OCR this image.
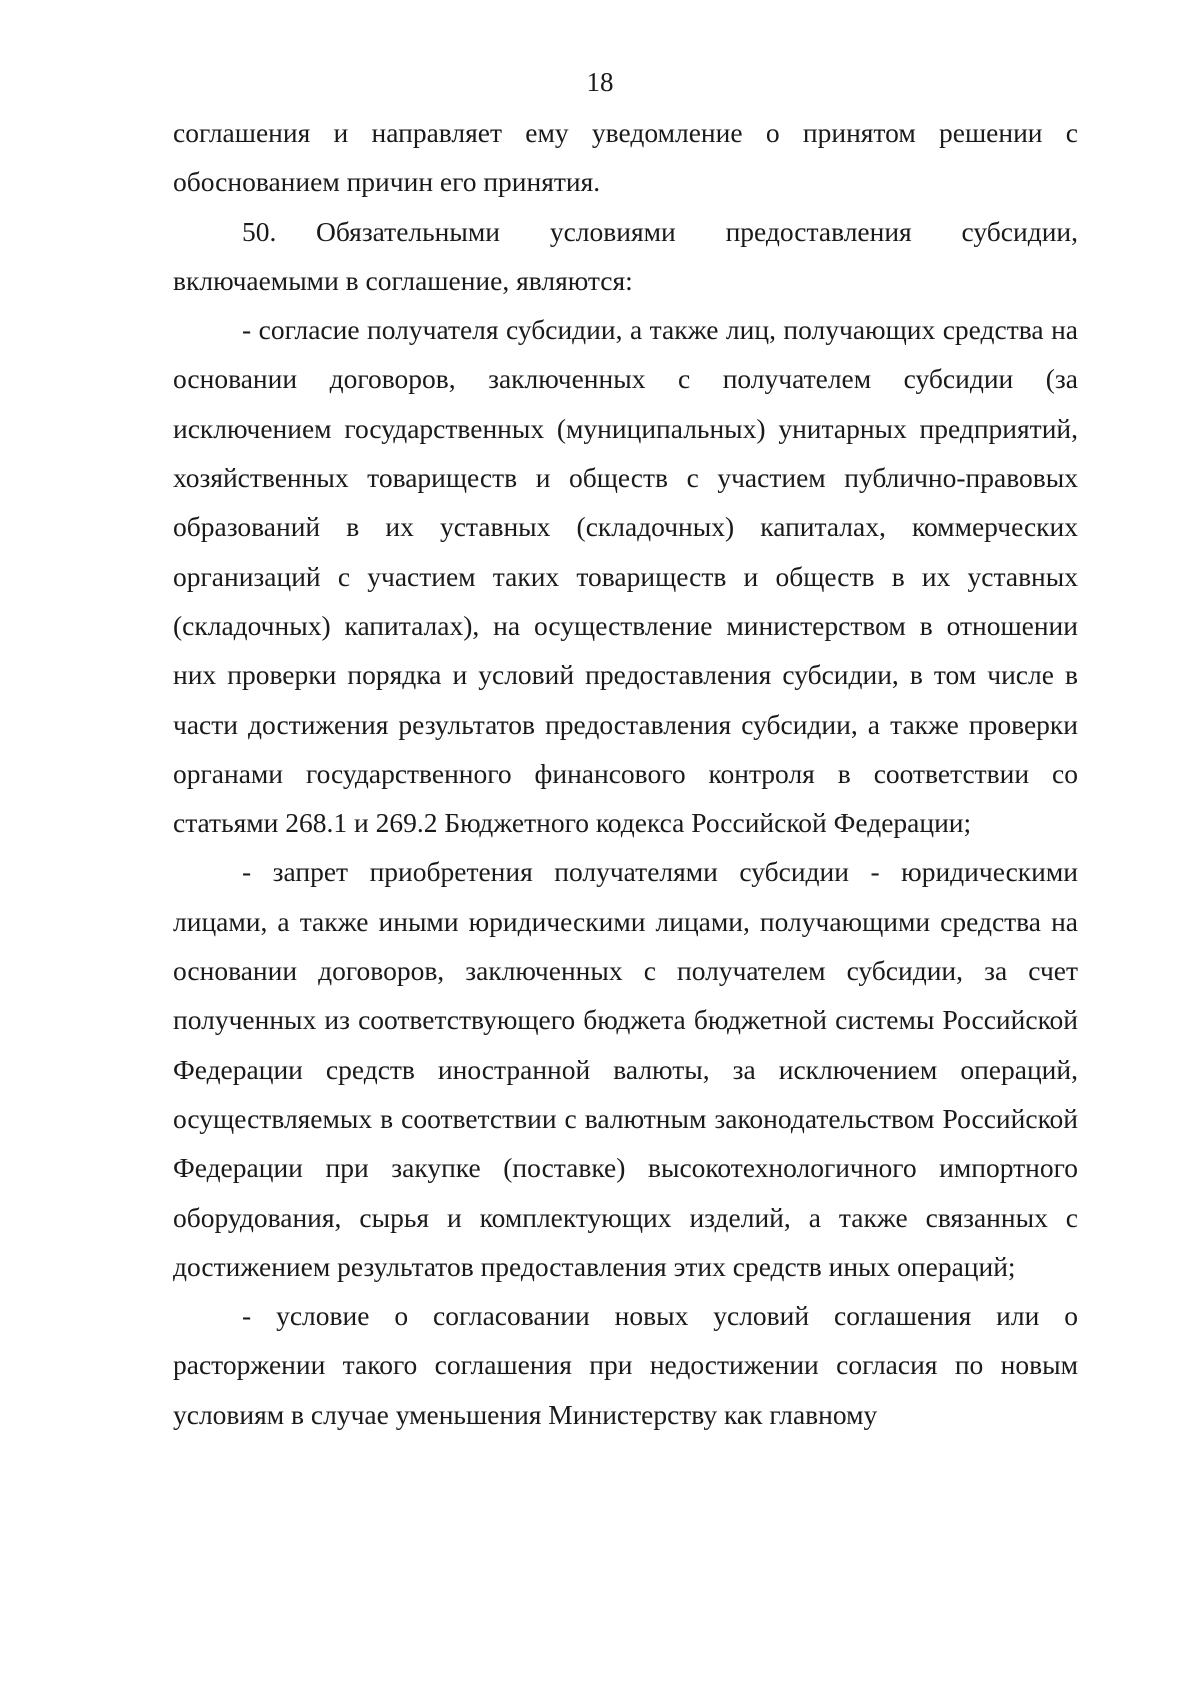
18

соглашения и направляет ему уведомление о принятом решении с обоснованием причин его принятия.

50. Обязательными условиями предоставления субсидии, включаемыми в соглашение, являются:

- согласие получателя субсидии, а также лиц, получающих средства на основании договоров, заключенных с получателем субсидии (за исключением государственных (муниципальных) унитарных предприятий, хозяйственных товариществ и обществ с участием публично-правовых образований в их уставных (складочных) капиталах, коммерческих организаций с участием таких товариществ и обществ в их уставных (складочных) капиталах), на осуществление министерством в отношении них проверки порядка и условий предоставления субсидии, в том числе в части достижения результатов предоставления субсидии, а также проверки органами государственного финансового контроля в соответствии со статьями 268.1 и 269.2 Бюджетного кодекса Российской Федерации;

- запрет приобретения получателями субсидии - юридическими лицами, а также иными юридическими лицами, получающими средства на основании договоров, заключенных с получателем субсидии, за счет полученных из соответствующего бюджета бюджетной системы Российской Федерации средств иностранной валюты, за исключением операций, осуществляемых в соответствии с валютным законодательством Российской Федерации при закупке (поставке) высокотехнологичного импортного оборудования, сырья и комплектующих изделий, а также связанных с достижением результатов предоставления этих средств иных операций;

- условие о согласовании новых условий соглашения или о расторжении такого соглашения при недостижении согласия по новым условиям в случае уменьшения Министерству как главному
